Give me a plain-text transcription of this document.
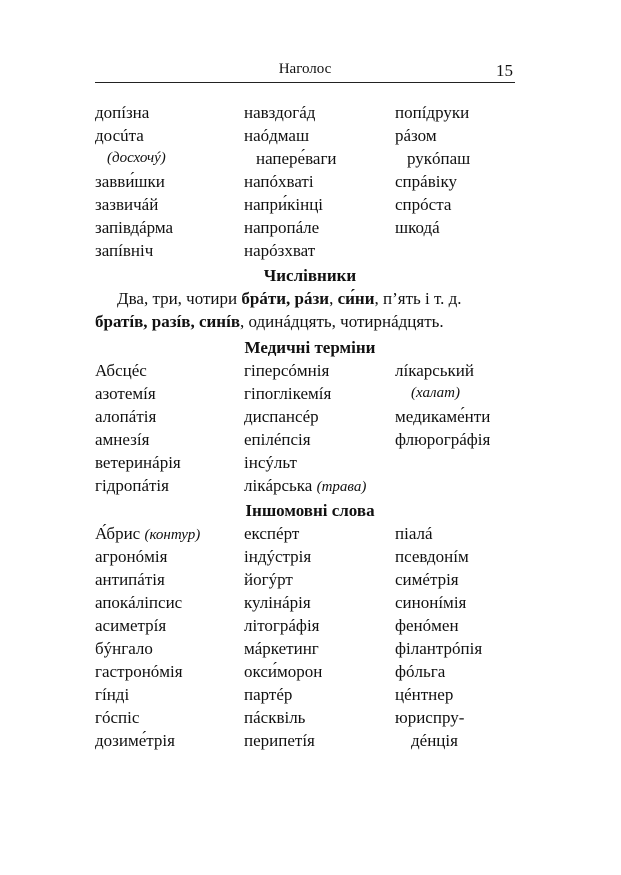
Наголос	15
допíзна	навздогáд	попíдруки
досúта	наóдмаш	рáзом
(досхочý)	напере́ваги	рукóпаш
завви́шки	напóхваті	спрáвіку
зазвичáй	напри́кінці	спрóста
запівдáрма	напропáле	шкодá
запíвніч	нарóзхват
Числівники
Два, три, чотири брáти, рáзи, си́ни, п’ять і т. д.
братíв, разíв, синíв, одинáдцять, чотирнáдцять.
Медичні терміни
Абсцéс	гіперсóмнія	лíкарський
азотемíя	гіпоглікемíя	(халат)
алопáтія	диспансéр	медикаме́нти
амнезíя	епілéпсія	флюрогрáфія
ветеринáрія	інсýльт
гідропáтія	лікáрська (трава)
Іншомовні слова
А́брис (контур)	експéрт	піалá
агронóмія	індýстрія	псевдонíм
антипáтія	йогýрт	симéтрія
апокáліпсис	кулінáрія	синонíмія
асиметрíя	літогрáфія	фенóмен
бýнгало	мáркетинг	філантрóпія
гастронóмія	окси́морон	фóльга
гíнді	партéр	цéнтнер
гóспіс	пáсквіль	юриспру-
дозиме́трія	перипетíя	дéнція
